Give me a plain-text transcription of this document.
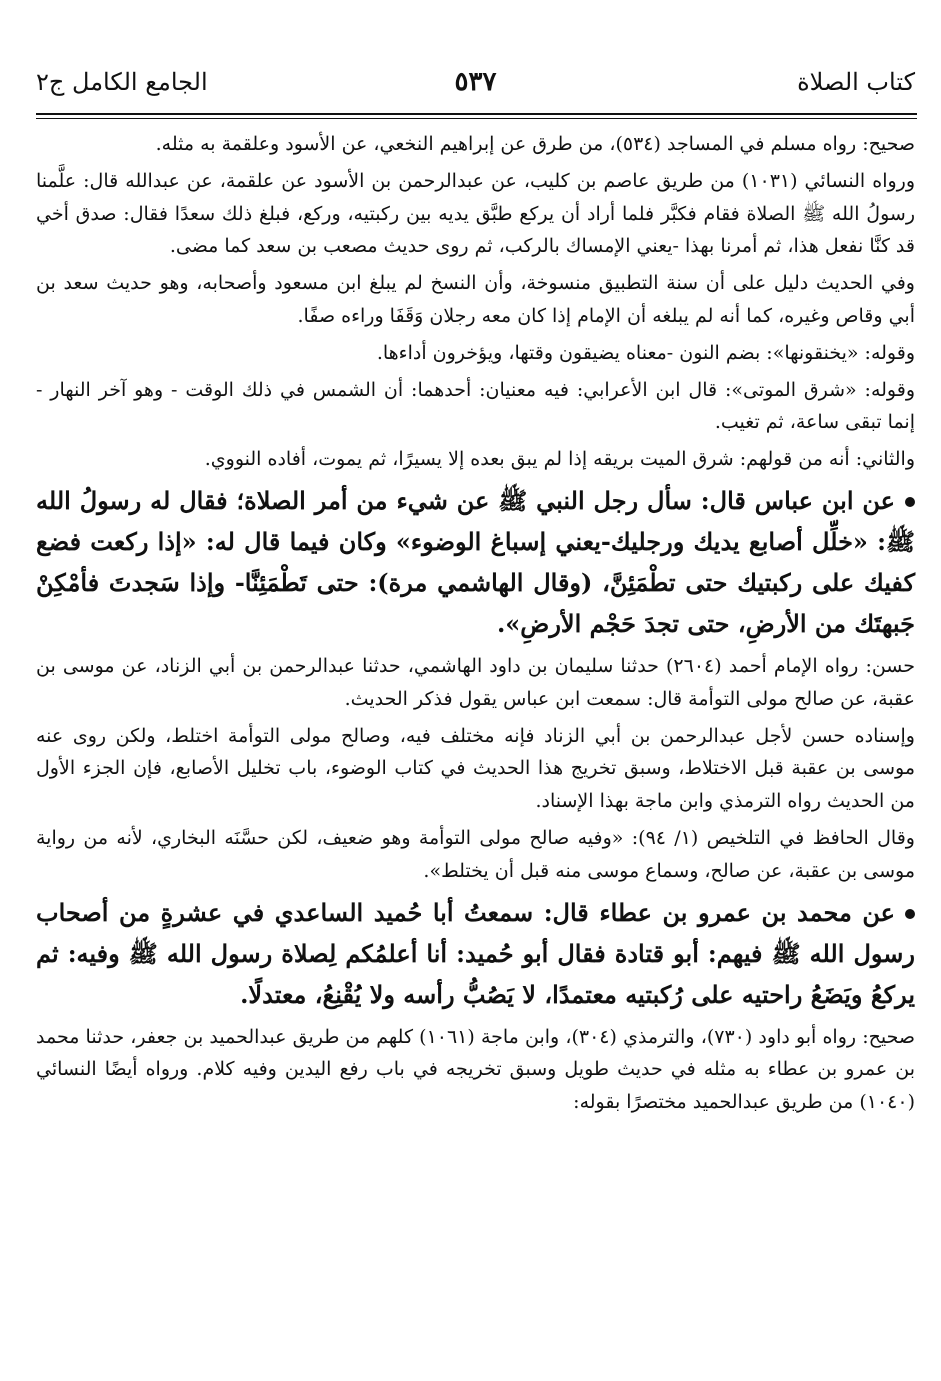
كتاب الصلاة
٥٣٧
الجامع الكامل ج٢

صحيح: رواه مسلم في المساجد (٥٣٤)، من طرق عن إبراهيم النخعي، عن الأسود وعلقمة به مثله.

ورواه النسائي (١٠٣١) من طريق عاصم بن كليب، عن عبدالرحمن بن الأسود عن علقمة، عن عبدالله قال: علَّمنا رسولُ الله ﷺ الصلاة فقام فكبَّر فلما أراد أن يركع طبَّق يديه بين ركبتيه، وركع، فبلغ ذلك سعدًا فقال: صدق أخي قد كنَّا نفعل هذا، ثم أمرنا بهذا -يعني الإمساك بالركب، ثم روى حديث مصعب بن سعد كما مضى.

وفي الحديث دليل على أن سنة التطبيق منسوخة، وأن النسخ لم يبلغ ابن مسعود وأصحابه، وهو حديث سعد بن أبي وقاص وغيره، كما أنه لم يبلغه أن الإمام إذا كان معه رجلان وَقَفَا وراءه صفًا.

وقوله: «يخنقونها»: بضم النون -معناه يضيقون وقتها، ويؤخرون أداءها.

وقوله: «شرق الموتى»: قال ابن الأعرابي: فيه معنيان: أحدهما: أن الشمس في ذلك الوقت - وهو آخر النهار - إنما تبقى ساعة، ثم تغيب.

والثاني: أنه من قولهم: شرق الميت بريقه إذا لم يبق بعده إلا يسيرًا، ثم يموت، أفاده النووي.

عن ابن عباس قال: سأل رجل النبي ﷺ عن شيء من أمر الصلاة؛ فقال له رسولُ الله ﷺ: «خلِّل أصابع يديك ورجليك-يعني إسباغ الوضوء» وكان فيما قال له: «إذا ركعت فضع كفيك على ركبتيك حتى تطْمَئِنَّ، (وقال الهاشمي مرة): حتى تَطْمَئِنَّا- وإذا سَجدتَ فأمْكِنْ جَبهتَك من الأرضِ، حتى تجدَ حَجْم الأرضِ».

حسن: رواه الإمام أحمد (٢٦٠٤) حدثنا سليمان بن داود الهاشمي، حدثنا عبدالرحمن بن أبي الزناد، عن موسى بن عقبة، عن صالح مولى التوأمة قال: سمعت ابن عباس يقول فذكر الحديث.

وإسناده حسن لأجل عبدالرحمن بن أبي الزناد فإنه مختلف فيه، وصالح مولى التوأمة اختلط، ولكن روى عنه موسى بن عقبة قبل الاختلاط، وسبق تخريج هذا الحديث في كتاب الوضوء، باب تخليل الأصابع، فإن الجزء الأول من الحديث رواه الترمذي وابن ماجة بهذا الإسناد.

وقال الحافظ في التلخيص (١/ ٩٤): «وفيه صالح مولى التوأمة وهو ضعيف، لكن حسَّنَه البخاري، لأنه من رواية موسى بن عقبة، عن صالح، وسماع موسى منه قبل أن يختلط».

عن محمد بن عمرو بن عطاء قال: سمعتُ أبا حُميد الساعدي في عشرةٍ من أصحاب رسول الله ﷺ فيهم: أبو قتادة فقال أبو حُميد: أنا أعلمُكم لِصلاة رسول الله ﷺ وفيه: ثم يركعُ ويَضَعُ راحتيه على رُكبتيه معتمدًا، لا يَصُبُّ رأسه ولا يُقْنِعُ، معتدلًا.

صحيح: رواه أبو داود (٧٣٠)، والترمذي (٣٠٤)، وابن ماجة (١٠٦١) كلهم من طريق عبدالحميد بن جعفر، حدثنا محمد بن عمرو بن عطاء به مثله في حديث طويل وسبق تخريجه في باب رفع اليدين وفيه كلام. ورواه أيضًا النسائي (١٠٤٠) من طريق عبدالحميد مختصرًا بقوله:
